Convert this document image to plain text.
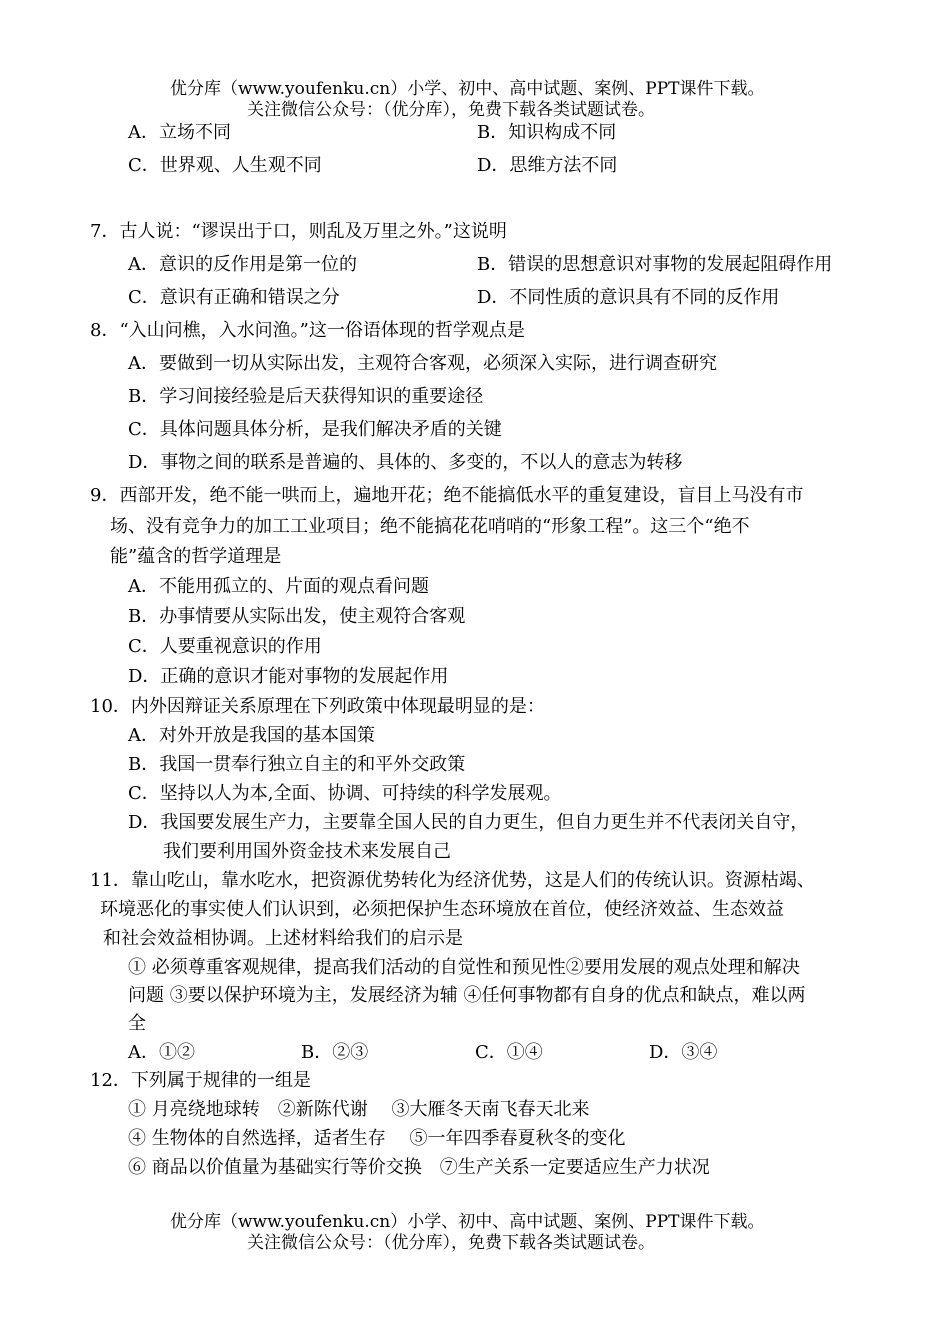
优分库（www.youfenku.cn）小学、初中、高中试题、案例、PPT课件下载。
关注微信公众号：（优分库），免费下载各类试题试卷。
A．立场不同	B．知识构成不同
C．世界观、人生观不同	D．思维方法不同
7．古人说：“谬误出于口，则乱及万里之外。”这说明
A．意识的反作用是第一位的	B．错误的思想意识对事物的发展起阻碍作用
C．意识有正确和错误之分	D．不同性质的意识具有不同的反作用
8．“入山问樵，入水问渔。”这一俗语体现的哲学观点是
A．要做到一切从实际出发，主观符合客观，必须深入实际，进行调查研究
B．学习间接经验是后天获得知识的重要途径
C．具体问题具体分析，是我们解决矛盾的关键
D．事物之间的联系是普遍的、具体的、多变的，不以人的意志为转移
9．西部开发，绝不能一哄而上，遍地开花；绝不能搞低水平的重复建设，盲目上马没有市
场、没有竞争力的加工工业项目；绝不能搞花花哨哨的“形象工程”。这三个“绝不
能”蕴含的哲学道理是
A．不能用孤立的、片面的观点看问题
B．办事情要从实际出发，使主观符合客观
C．人要重视意识的作用
D．正确的意识才能对事物的发展起作用
10．内外因辩证关系原理在下列政策中体现最明显的是：
A．对外开放是我国的基本国策
B．我国一贯奉行独立自主的和平外交政策
C．坚持以人为本,全面、协调、可持续的科学发展观。
D．我国要发展生产力，主要靠全国人民的自力更生，但自力更生并不代表闭关自守，
我们要利用国外资金技术来发展自己
11．靠山吃山，靠水吃水，把资源优势转化为经济优势，这是人们的传统认识。资源枯竭、
环境恶化的事实使人们认识到，必须把保护生态环境放在首位，使经济效益、生态效益
和社会效益相协调。上述材料给我们的启示是
① 必须尊重客观规律，提高我们活动的自觉性和预见性②要用发展的观点处理和解决
问题 ③要以保护环境为主，发展经济为辅 ④任何事物都有自身的优点和缺点，难以两
全
A．①②	B．②③	C．①④	D．③④
12．下列属于规律的一组是
① 月亮绕地球转　②新陈代谢　 ③大雁冬天南飞春天北来
④ 生物体的自然选择，适者生存　 ⑤一年四季春夏秋冬的变化
⑥ 商品以价值量为基础实行等价交换　⑦生产关系一定要适应生产力状况
优分库（www.youfenku.cn）小学、初中、高中试题、案例、PPT课件下载。
关注微信公众号：（优分库），免费下载各类试题试卷。
